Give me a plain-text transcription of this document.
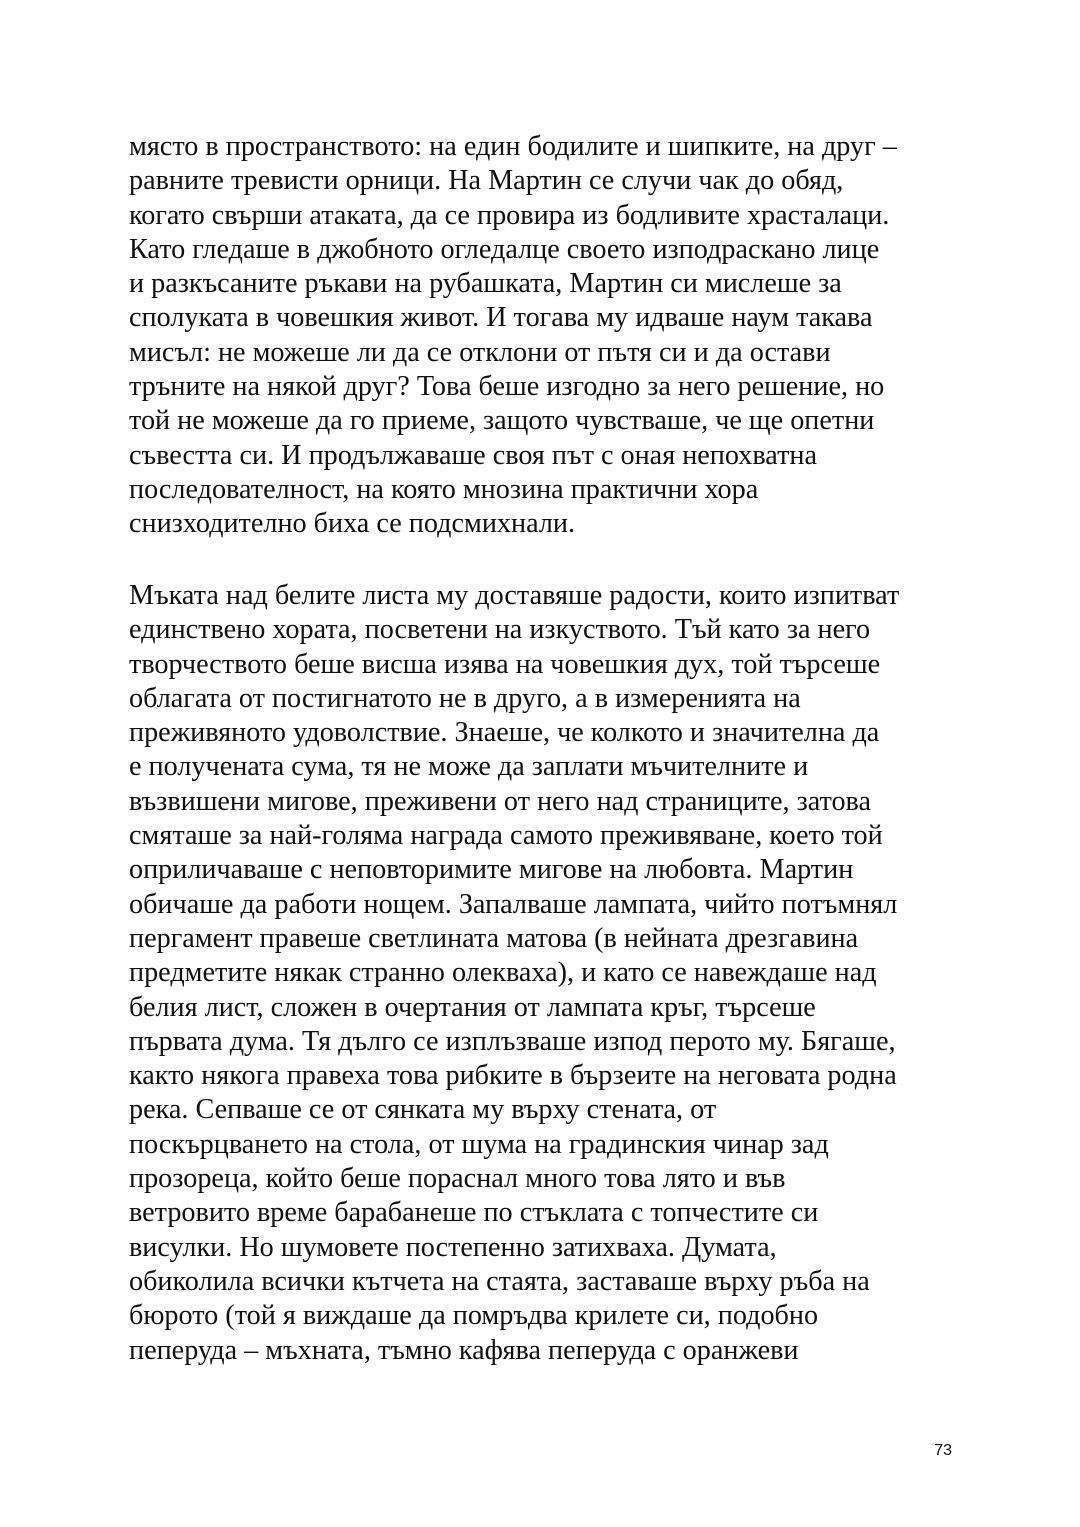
място в пространството: на един бодилите и шипките, на друг –
равните тревисти орници. На Мартин се случи чак до обяд,
когато свърши атаката, да се провира из бодливите храсталаци.
Като гледаше в джобното огледалце своето изподраскано лице
и разкъсаните ръкави на рубашката, Мартин си мислеше за
сполуката в човешкия живот. И тогава му идваше наум такава
мисъл: не можеше ли да се отклони от пътя си и да остави
тръните на някой друг? Това беше изгодно за него решение, но
той не можеше да го приеме, защото чувстваше, че ще опетни
съвестта си. И продължаваше своя път с оная непохватна
последователност, на която мнозина практични хора
снизходително биха се подсмихнали.
Мъката над белите листа му доставяше радости, които изпитват
единствено хората, посветени на изкуството. Тъй като за него
творчеството беше висша изява на човешкия дух, той търсеше
облагата от постигнатото не в друго, а в измеренията на
преживяното удоволствие. Знаеше, че колкото и значителна да
е получената сума, тя не може да заплати мъчителните и
възвишени мигове, преживени от него над страниците, затова
смяташе за най-голяма награда самото преживяване, което той
оприличаваше с неповторимите мигове на любовта. Мартин
обичаше да работи нощем. Запалваше лампата, чийто потъмнял
пергамент правеше светлината матова (в нейната дрезгавина
предметите някак странно олекваха), и като се навеждаше над
белия лист, сложен в очертания от лампата кръг, търсеше
първата дума. Тя дълго се изплъзваше изпод перото му. Бягаше,
както някога правеха това рибките в бързеите на неговата родна
река. Сепваше се от сянката му върху стената, от
поскърцването на стола, от шума на градинския чинар зад
прозореца, който беше пораснал много това лято и във
ветровито време барабанеше по стъклата с топчестите си
висулки. Но шумовете постепенно затихваха. Думата,
обиколила всички кътчета на стаята, заставаше върху ръба на
бюрото (той я виждаше да помръдва крилете си, подобно
пеперуда – мъхната, тъмно кафява пеперуда с оранжеви
73
